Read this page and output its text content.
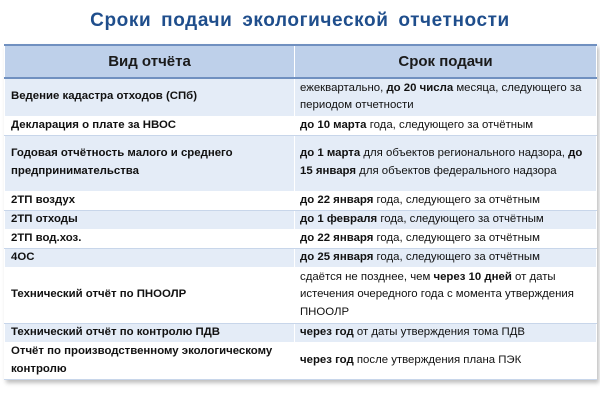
Сроки подачи экологической отчетности
Вид отчёта	Срок подачи
Ведение кадастра отходов (СПб)	ежеквартально, до 20 числа месяца, следующего за периодом отчетности
Декларация о плате за НВОС	до 10 марта года, следующего за отчётным
Годовая отчётность малого и среднего предпринимательства	до 1 марта для объектов регионального надзора, до 15 января для объектов федерального надзора
2ТП воздух	до 22 января года, следующего за отчётным
2ТП отходы	до 1 февраля года, следующего за отчётным
2ТП вод.хоз.	до 22 января года, следующего за отчётным
4ОС	до 25 января года, следующего за отчётным
Технический отчёт по ПНООЛР	сдаётся не позднее, чем через 10 дней от даты истечения очередного года с момента утверждения ПНООЛР
Технический отчёт по контролю ПДВ	через год от даты утверждения тома ПДВ
Отчёт по производственному экологическому контролю	через год после утверждения плана ПЭК
